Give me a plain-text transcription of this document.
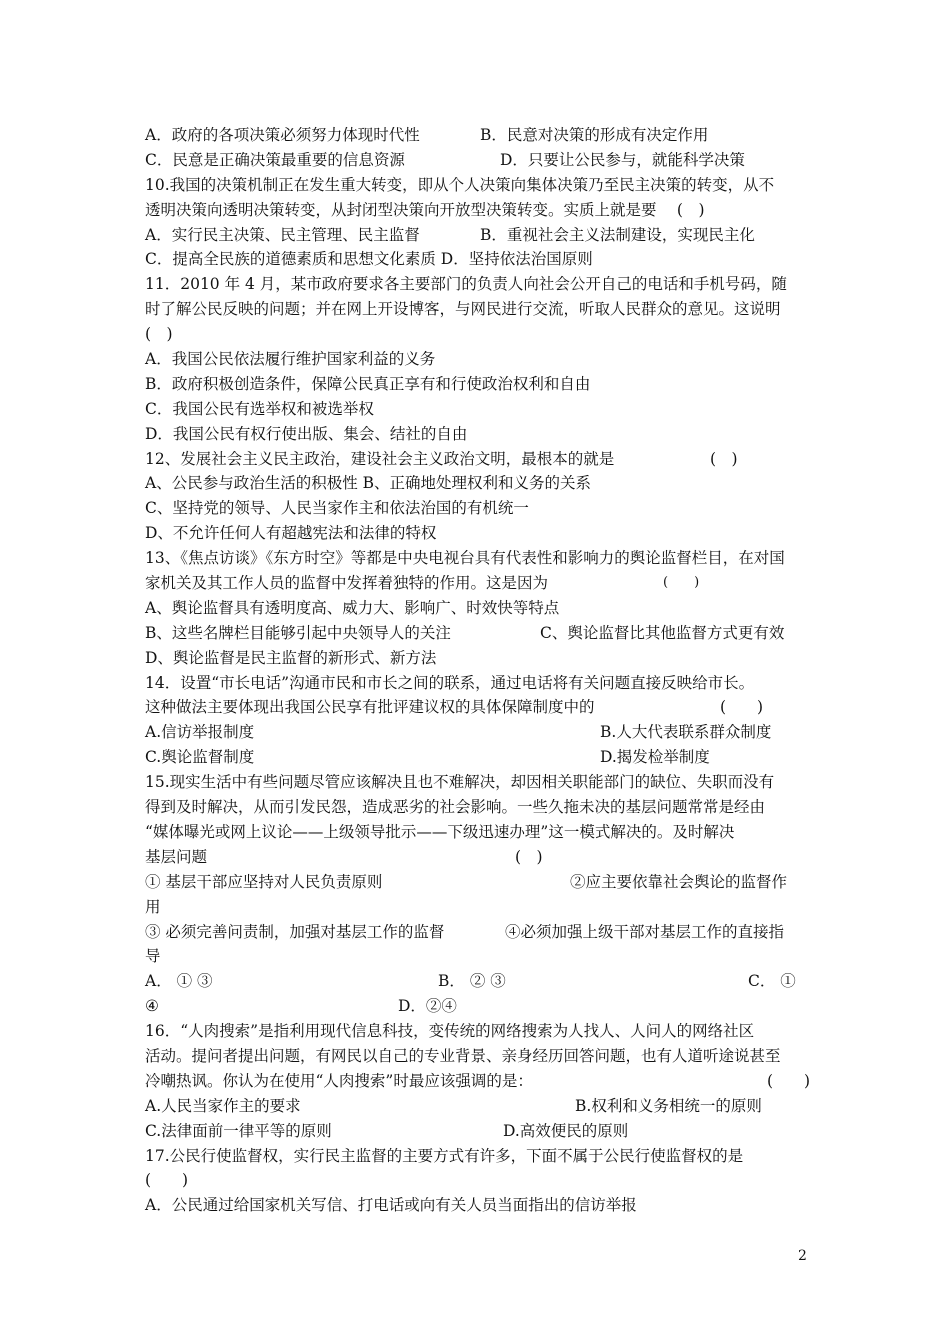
A．政府的各项决策必须努力体现时代性	B．民意对决策的形成有决定作用
C．民意是正确决策最重要的信息资源	D．只要让公民参与，就能科学决策
10.我国的决策机制正在发生重大转变，即从个人决策向集体决策乃至民主决策的转变，从不
透明决策向透明决策转变，从封闭型决策向开放型决策转变。实质上就是要　 (　)
A．实行民主决策、民主管理、民主监督	B．重视社会主义法制建设，实现民主化
C．提高全民族的道德素质和思想文化素质 D．坚持依法治国原则
11．2010 年 4 月，某市政府要求各主要部门的负责人向社会公开自己的电话和手机号码，随
时了解公民反映的问题；并在网上开设博客，与网民进行交流，听取人民群众的意见。这说明
(　)
A．我国公民依法履行维护国家利益的义务
B．政府积极创造条件，保障公民真正享有和行使政治权利和自由
C．我国公民有选举权和被选举权
D．我国公民有权行使出版、集会、结社的自由
12、发展社会主义民主政治，建设社会主义政治文明，最根本的就是	(　)
A、公民参与政治生活的积极性 B、正确地处理权利和义务的关系
C、坚持党的领导、人民当家作主和依法治国的有机统一
D、不允许任何人有超越宪法和法律的特权
13、《焦点访谈》《东方时空》等都是中央电视台具有代表性和影响力的舆论监督栏目，在对国
家机关及其工作人员的监督中发挥着独特的作用。这是因为	(　　)
A、舆论监督具有透明度高、威力大、影响广、时效快等特点
B、这些名牌栏目能够引起中央领导人的关注	C、舆论监督比其他监督方式更有效
D、舆论监督是民主监督的新形式、新方法
14．设置“市长电话”沟通市民和市长之间的联系，通过电话将有关问题直接反映给市长。
这种做法主要体现出我国公民享有批评建议权的具体保障制度中的	(　　)
A.信访举报制度	B.人大代表联系群众制度
C.舆论监督制度	D.揭发检举制度
15.现实生活中有些问题尽管应该解决且也不难解决，却因相关职能部门的缺位、失职而没有
得到及时解决，从而引发民怨，造成恶劣的社会影响。一些久拖未决的基层问题常常是经由
“媒体曝光或网上议论——上级领导批示——下级迅速办理”这一模式解决的。及时解决
基层问题	(　)
① 基层干部应坚持对人民负责原则	②应主要依靠社会舆论的监督作
用
③ 必须完善问责制，加强对基层工作的监督	④必须加强上级干部对基层工作的直接指
导
A． ① ③	B． ② ③	C． ①
④	D．②④
16．“人肉搜索”是指利用现代信息科技，变传统的网络搜索为人找人、人问人的网络社区
活动。提问者提出问题，有网民以自己的专业背景、亲身经历回答问题，也有人道听途说甚至
冷嘲热讽。你认为在使用“人肉搜索”时最应该强调的是：	(　　)
A.人民当家作主的要求	B.权利和义务相统一的原则
C.法律面前一律平等的原则	D.高效便民的原则
17.公民行使监督权，实行民主监督的主要方式有许多，下面不属于公民行使监督权的是
(　　)
A．公民通过给国家机关写信、打电话或向有关人员当面指出的信访举报
2
